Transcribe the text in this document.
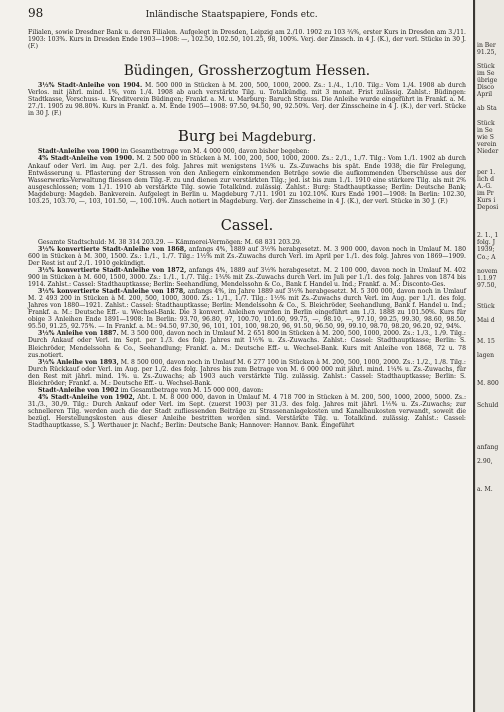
98	Inländische Staatspapiere, Fonds etc.

Filialen, sowie Dresdner Bank u. deren Filialen. Aufgelegt in Dresden, Leipzig am 2./10. 1902 zu 103 ¾%, erster Kurs in Dresden am 3./11. 1903: 103%. Kurs in Dresden Ende 1903—1908: —, 102.50, 102.50, 101.25, 98, 100%. Verj. der Zinssch. in 4 J. (K.), der verl. Stücke in 30 J. (F.)

Büdingen, Grossherzogtum Hessen.

3½% Stadt-Anleihe von 1904. M. 500 000 in Stücken à M. 200, 500, 1000, 2000. Zs.: 1./4., 1./10. Tilg.: Vom 1./4. 1908 ab durch Verlos. mit jährl. mind. 1%, vom 1./4. 1908 ab auch verstärkte Tilg. u. Totalkündig. mit 3 monat. Frist zulässig. Zahlst.: Büdingen: Stadtkasse, Vorschuss- u. Kreditverein Büdingen; Frankf. a. M. u. Marburg: Baruch Strauss. Die Anleihe wurde eingeführt in Frankf. a. M. 27./1. 1905 zu 98.80%. Kurs in Frankf. a. M. Ende 1905—1908: 97.50, 94.50, 90, 92.50%. Verj. der Zinsscheine in 4 J. (K.), der verl. Stücke in 30 J. (F.)

Burg bei Magdeburg.

Stadt-Anleihe von 1900 im Gesamtbetrage von M. 4 000 000, davon bisher begeben:

4% Stadt-Anleihe von 1900. M. 2 500 000 in Stücken à M. 100, 200, 500, 1000, 2000. Zs.: 2./1., 1./7. Tilg.: Vom 1./1. 1902 ab durch Ankauf oder Verl. im Aug. per 2./1. des folg. Jahres mit wenigstens 1¼% u. Zs.-Zuwachs bis spät. Ende 1938; die für Frelegung, Entwässerung u. Pflasterung der Strassen von den Anliegern einkommenden Beträge sowie die aufkommenden Überschüsse aus der Wasserwerks-Verwaltung fliessen dem Tilg.-F. zu und dienen zur verstärkten Tilg.; jed. ist bis zum 1./1. 1910 eine stärkere Tilg. als mit 2% ausgeschlossen; vom 1./1. 1910 ab verstärkte Tilg. sowie Totalkünd. zulässig. Zahlst.: Burg: Stadthauptkasse; Berlin: Deutsche Bank; Magdeburg: Magdeb. Bankverein. Aufgelegt in Berlin u. Magdeburg 7./11. 1901 zu 102.10%. Kurs Ende 1901—1908: In Berlin: 102.30, 103.25, 103.70, —, 103, 101.50, —, 100.10%. Auch notiert in Magdeburg. Verj. der Zinsscheine in 4 J. (K.), der verl. Stücke in 30 J. (F.)

Cassel.

Gesamte Stadtschuld: M. 38 314 203.29. — Kämmerei-Vermögen: M. 68 831 203.29.

3½% konvertierte Stadt-Anleihe von 1868, anfangs 4%, 1889 auf 3½% herabgesetzt. M. 3 900 000, davon noch in Umlauf M. 180 600 in Stücken à M. 300, 1500. Zs.: 1./1., 1./7. Tilg.: 1½% mit Zs.-Zuwachs durch Verl. im April per 1./1. des folg. Jahres von 1869—1909. Der Rest ist auf 2./1. 1910 gekündigt.

3½% konvertierte Stadt-Anleihe von 1872, anfangs 4%, 1889 auf 3½% herabgesetzt. M. 2 100 000, davon noch in Umlauf M. 402 900 in Stücken à M. 600, 1500, 3000. Zs.: 1./1., 1./7. Tilg.: 1¾% mit Zs.-Zuwachs durch Verl. im Juli per 1./1. des folg. Jahres von 1874 bis 1914. Zahlst.: Cassel: Stadthauptkasse; Berlin: Seehandlung, Mendelssohn & Co., Bank f. Handel u. Ind.; Frankf. a. M.: Disconto-Ges.

3½% konvertierte Stadt-Anleihe von 1878, anfangs 4%, im Jahre 1889 auf 3½% herabgesetzt. M. 5 300 000, davon noch in Umlauf M. 2 493 200 in Stücken à M. 200, 500, 1000, 3000. Zs.: 1./1., 1./7. Tilg.: 1½% mit Zs.-Zuwachs durch Verl. im Aug. per 1./1. des folg. Jahres von 1880—1921. Zahlst.: Cassel: Stadthauptkasse; Berlin: Mendelssohn & Co., S. Bleichröder, Seehandlung, Bank f. Handel u. Ind.; Frankf. a. M.: Deutsche Eff.- u. Wechsel-Bank. Die 3 konvert. Anleihen wurden in Berlin eingeführt am 1./3. 1888 zu 101.50%. Kurs für obige 3 Anleihen Ende 1891—1908: In Berlin: 93.70, 96.80, 97, 100.70, 101.60, 99.75, —, 98.10, —, 97.10, 99.25, 99.30, 98.60, 98.50, 95.50, 91.25, 92.75%. — In Frankf. a. M.: 94.50, 97.30, 96, 101, 101, 100, 98.20, 96, 91.50, 96.50, 99, 99.10, 98.70, 98.20, 96.20, 92, 94%.

3½% Anleihe von 1887. M. 3 500 000, davon noch in Umlauf M. 2 651 800 in Stücken à M. 200, 500, 1000, 2000. Zs.: 1./3., 1./9. Tilg.: Durch Ankauf oder Verl. im Sept. per 1./3. des folg. Jahres mit 1½% u. Zs.-Zuwachs. Zahlst.: Cassel: Stadthauptkasse; Berlin: S. Bleichröder, Mendelssohn & Co., Seehandlung; Frankf. a. M.: Deutsche Eff.- u. Wechsel-Bank. Kurs mit Anleihe von 1868, 72 u. 78 zus.notiert.

3½% Anleihe von 1893, M. 8 500 000, davon noch in Umlauf M. 6 277 100 in Stücken à M. 200, 500, 1000, 2000. Zs.: 1./2., 1./8. Tilg.: Durch Rückkauf oder Verl. im Aug. per 1./2. des folg. Jahres bis zum Betrage von M. 6 000 000 mit jährl. mind. 1¼% u. Zs.-Zuwachs, für den Rest mit jährl. mind. 1%. u. Zs.-Zuwachs; ab 1903 auch verstärkte Tilg. zulässig. Zahlst.: Cassel: Stadthauptkasse; Berlin: S. Bleichröder; Frankf. a. M.: Deutsche Eff.- u. Wechsel-Bank.

Stadt-Anleihe von 1902 im Gesamtbetrage von M. 15 000 000, davon:

4% Stadt-Anleihe von 1902, Abt. I. M. 8 000 000, davon in Umlauf M. 4 718 700 in Stücken à M. 200, 500, 1000, 2000, 5000. Zs.: 31./3., 30./9. Tilg.: Durch Ankauf oder Verl. im Sept. (zuerst 1903) per 31./3. des folg. Jahres mit jährl. 1½% u. Zs.-Zuwachs; zur schnelleren Tilg. werden auch die der Stadt zufliessenden Beiträge zu Strassenanlagekosten und Kanalbaukosten verwandt, soweit die bezügl. Herstellungskosten aus dieser Anleihe bestritten worden sind. Verstärkte Tilg. u. Totalkünd. zulässig. Zahlst.: Cassel: Stadthauptkasse, S. J. Werthauer jr. Nachf.; Berlin: Deutsche Bank; Hannover: Hannov. Bank. Eingeführt

in Ber
91.25,
Stück
im Se
übrige
Disco
April
ab Sta
Stück
in Se
wie S
verein
Nieder
per 1.
lich d
A.-G.
im Pr
Kurs i
Deposi
2. 1., 1
folg. J
1939;
Co.; A
novem
1.1.97
97.50,
Stück
Mai d
M. 15
lagen
M. 800
Schuld
anfang
2.90,
a. M.
